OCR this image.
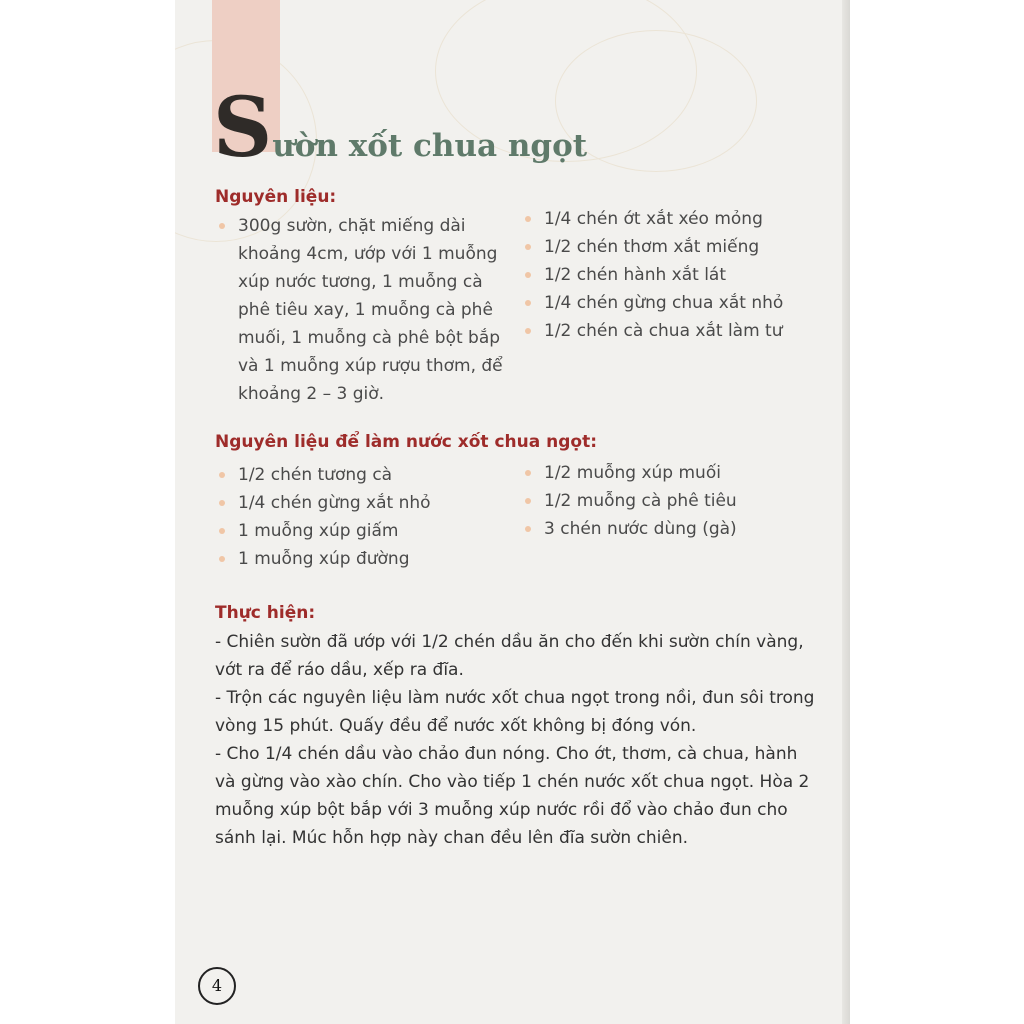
Sườn xốt chua ngọt
Nguyên liệu:
300g sườn, chặt miếng dài khoảng 4cm, ướp với 1 muỗng xúp nước tương, 1 muỗng cà phê tiêu xay, 1 muỗng cà phê muối, 1 muỗng cà phê bột bắp và 1 muỗng xúp rượu thơm, để khoảng 2 – 3 giờ.
1/4 chén ớt xắt xéo mỏng
1/2 chén thơm xắt miếng
1/2 chén hành xắt lát
1/4 chén gừng chua xắt nhỏ
1/2 chén cà chua xắt làm tư
Nguyên liệu để làm nước xốt chua ngọt:
1/2 chén tương cà
1/4 chén gừng xắt nhỏ
1 muỗng xúp giấm
1 muỗng xúp đường
1/2 muỗng xúp muối
1/2 muỗng cà phê tiêu
3 chén nước dùng (gà)
Thực hiện:

- Chiên sườn đã ướp với 1/2 chén dầu ăn cho đến khi sườn chín vàng, vớt ra để ráo dầu, xếp ra đĩa.

- Trộn các nguyên liệu làm nước xốt chua ngọt trong nồi, đun sôi trong vòng 15 phút. Quấy đều để nước xốt không bị đóng vón.

- Cho 1/4 chén dầu vào chảo đun nóng. Cho ớt, thơm, cà chua, hành và gừng vào xào chín. Cho vào tiếp 1 chén nước xốt chua ngọt. Hòa 2 muỗng xúp bột bắp với 3 muỗng xúp nước rồi đổ vào chảo đun cho sánh lại. Múc hỗn hợp này chan đều lên đĩa sườn chiên.

4
